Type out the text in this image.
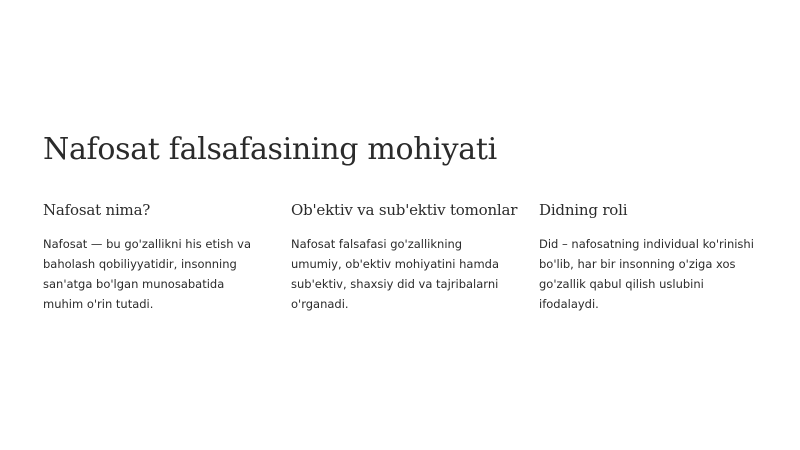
Nafosat falsafasining mohiyati
Nafosat nima?

Nafosat — bu go'zallikni his etish va baholash qobiliyyatidir, insonning san'atga bo'lgan munosabatida muhim o'rin tutadi.

Ob'ektiv va sub'ektiv tomonlar

Nafosat falsafasi go'zallikning umumiy, ob'ektiv mohiyatini hamda sub'ektiv, shaxsiy did va tajribalarni o'rganadi.

Didning roli

Did – nafosatning individual ko'rinishi bo'lib, har bir insonning o'ziga xos go'zallik qabul qilish uslubini ifodalaydi.
